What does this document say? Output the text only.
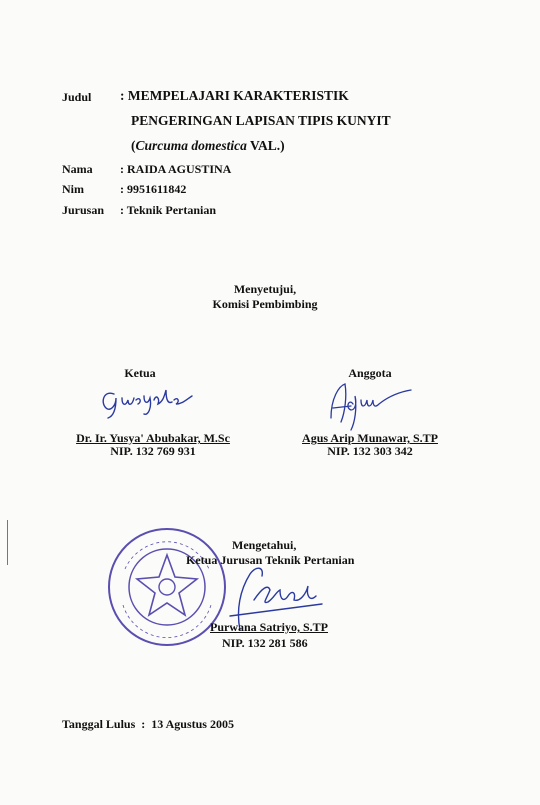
Judul : MEMPELAJARI KARAKTERISTIK
PENGERINGAN LAPISAN TIPIS KUNYIT
(Curcuma domestica VAL.)
Nama : RAIDA AGUSTINA
Nim	: 9951611842
Jurusan : Teknik Pertanian
Menyetujui,
Komisi Pembimbing
Ketua
Dr. Ir. Yusya' Abubakar, M.Sc
NIP. 132 769 931
Anggota
Agus Arip Munawar, S.TP
NIP. 132 303 342
Mengetahui,
Ketua Jurusan Teknik Pertanian
Purwana Satriyo, S.TP
NIP. 132 281 586
Tanggal Lulus  :  13 Agustus 2005
